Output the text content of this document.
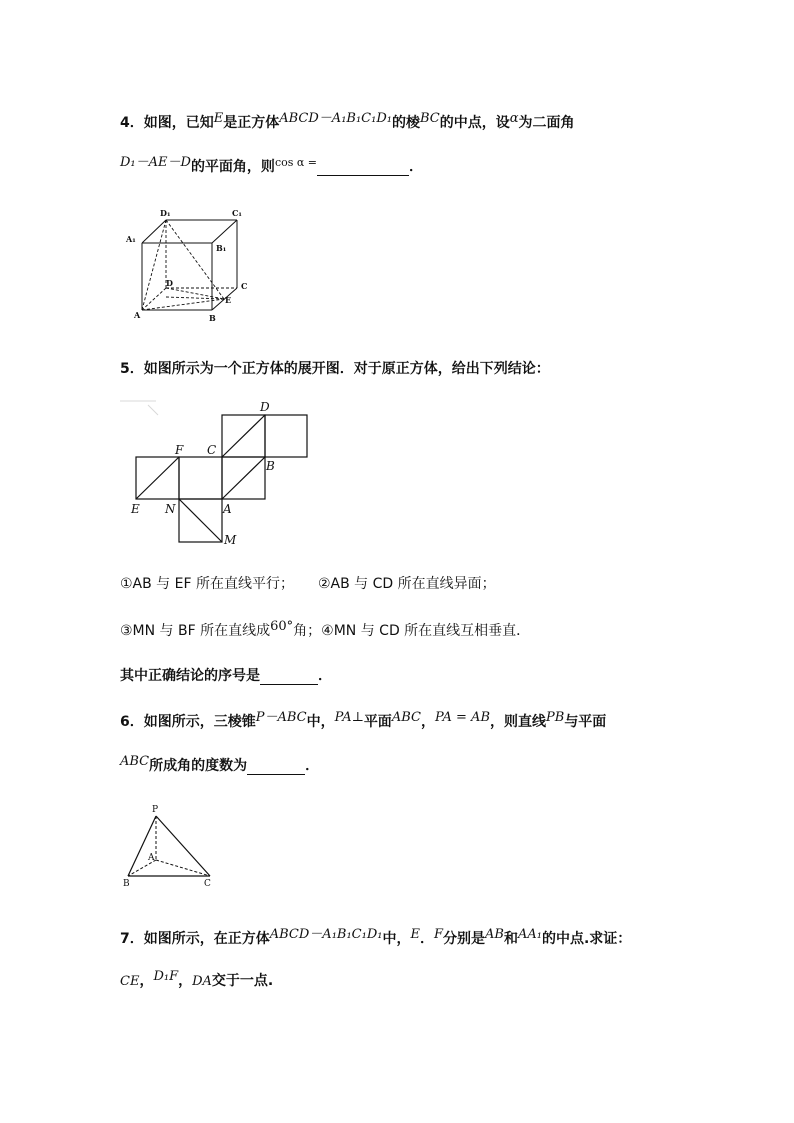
4．如图，已知E是正方体ABCD－A₁B₁C₁D₁的棱BC的中点，设α为二面角
D₁－AE－D的平面角，则$^{cos \alpha =}$	．
D₁	C₁
A₁
B₁
D	C
E
A	B
5．如图所示为一个正方体的展开图．对于原正方体，给出下列结论：
D
F C
B
E N	A
M
①AB 与 EF 所在直线平行； ②AB 与 CD 所在直线异面；
③MN 与 BF 所在直线成60°角；④MN 与 CD 所在直线互相垂直．
其中正确结论的序号是	．
6．如图所示，三棱锥P－ABC中，PA⊥平面ABC，PA = AB，则直线PB与平面
ABC所成角的度数为	．
P
A
B	C
7．如图所示，在正方体ABCD－A₁B₁C₁D₁中，E．F分别是AB和AA₁的中点.求证：
CE，D₁F，DA交于一点.
